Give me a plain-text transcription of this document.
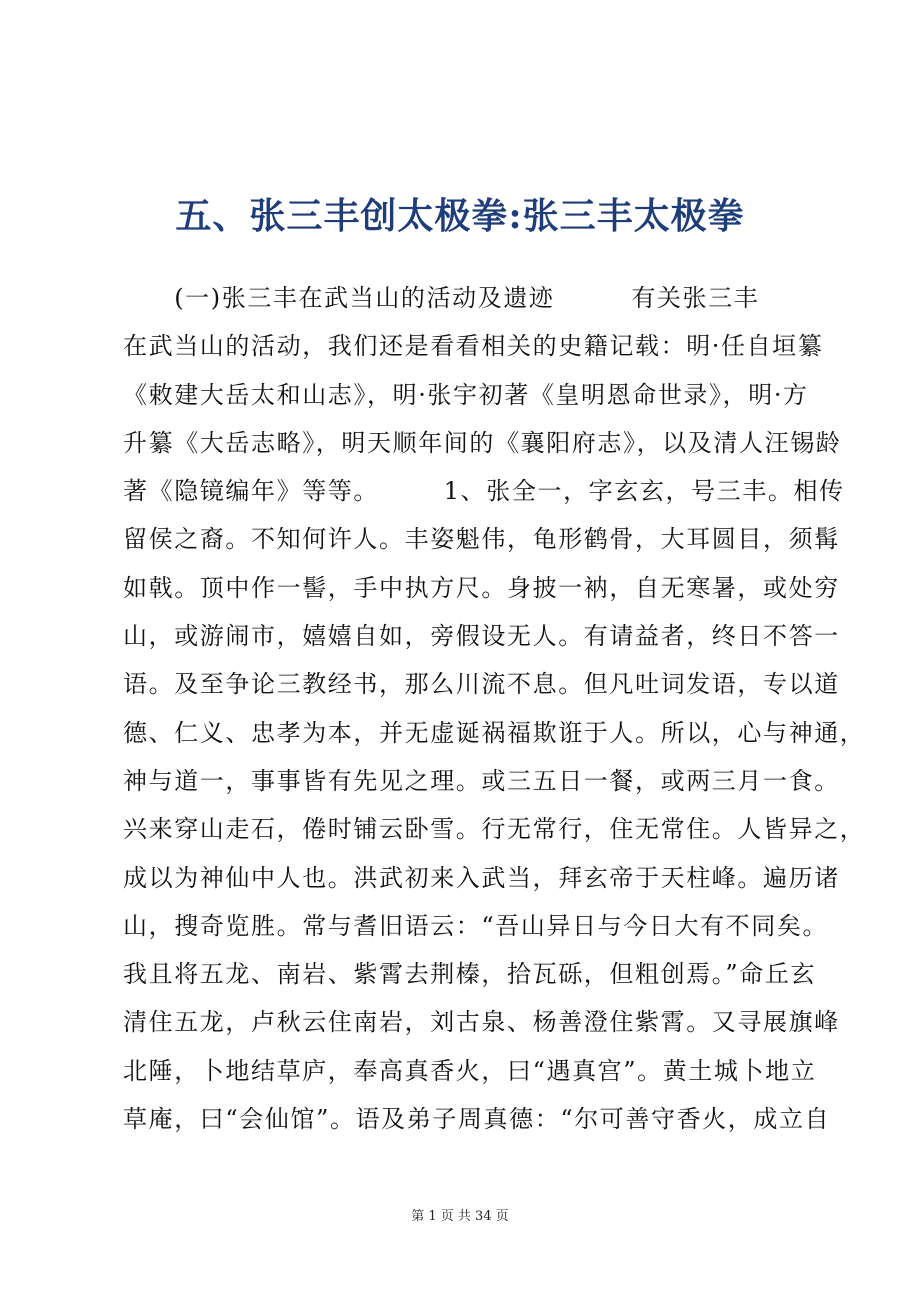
五、张三丰创太极拳:张三丰太极拳
　　(一)张三丰在武当山的活动及遗迹　　　有关张三丰
在武当山的活动，我们还是看看相关的史籍记载：明·任自垣纂
《敕建大岳太和山志》，明·张宇初著《皇明恩命世录》，明·方
升纂《大岳志略》，明天顺年间的《襄阳府志》，以及清人汪锡龄
著《隐镜编年》等等。　　　1、张全一，字玄玄，号三丰。相传
留侯之裔。不知何许人。丰姿魁伟，龟形鹤骨，大耳圆目，须髯
如戟。顶中作一髻，手中执方尺。身披一衲，自无寒暑，或处穷
山，或游闹市，嬉嬉自如，旁假设无人。有请益者，终日不答一
语。及至争论三教经书，那么川流不息。但凡吐词发语，专以道
德、仁义、忠孝为本，并无虚诞祸福欺诳于人。所以，心与神通，
神与道一，事事皆有先见之理。或三五日一餐，或两三月一食。
兴来穿山走石，倦时铺云卧雪。行无常行，住无常住。人皆异之，
成以为神仙中人也。洪武初来入武当，拜玄帝于天柱峰。遍历诸
山，搜奇览胜。常与耆旧语云：“吾山异日与今日大有不同矣。
我且将五龙、南岩、紫霄去荆榛，拾瓦砾，但粗创焉。”命丘玄
清住五龙，卢秋云住南岩，刘古泉、杨善澄住紫霄。又寻展旗峰
北陲，卜地结草庐，奉高真香火，曰“遇真宫”。黄土城卜地立
草庵，曰“会仙馆”。语及弟子周真德：“尔可善守香火，成立自
第 1 页 共 34 页
